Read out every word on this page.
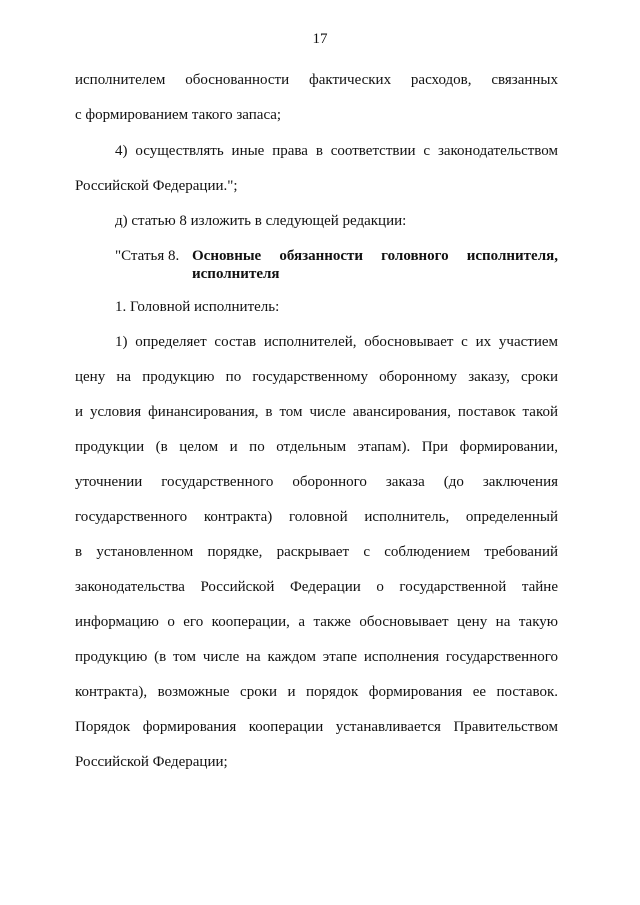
17
исполнителем обоснованности фактических расходов, связанных
с формированием такого запаса;
4) осуществлять иные права в соответствии с законодательством
Российской Федерации.";
д) статью 8 изложить в следующей редакции:
"Статья 8. Основные обязанности головного исполнителя,
исполнителя
1. Головной исполнитель:
1) определяет состав исполнителей, обосновывает с их участием
цену на продукцию по государственному оборонному заказу, сроки
и условия финансирования, в том числе авансирования, поставок такой
продукции (в целом и по отдельным этапам). При формировании,
уточнении государственного оборонного заказа (до заключения
государственного контракта) головной исполнитель, определенный
в установленном порядке, раскрывает с соблюдением требований
законодательства Российской Федерации о государственной тайне
информацию о его кооперации, а также обосновывает цену на такую
продукцию (в том числе на каждом этапе исполнения государственного
контракта), возможные сроки и порядок формирования ее поставок.
Порядок формирования кооперации устанавливается Правительством
Российской Федерации;
